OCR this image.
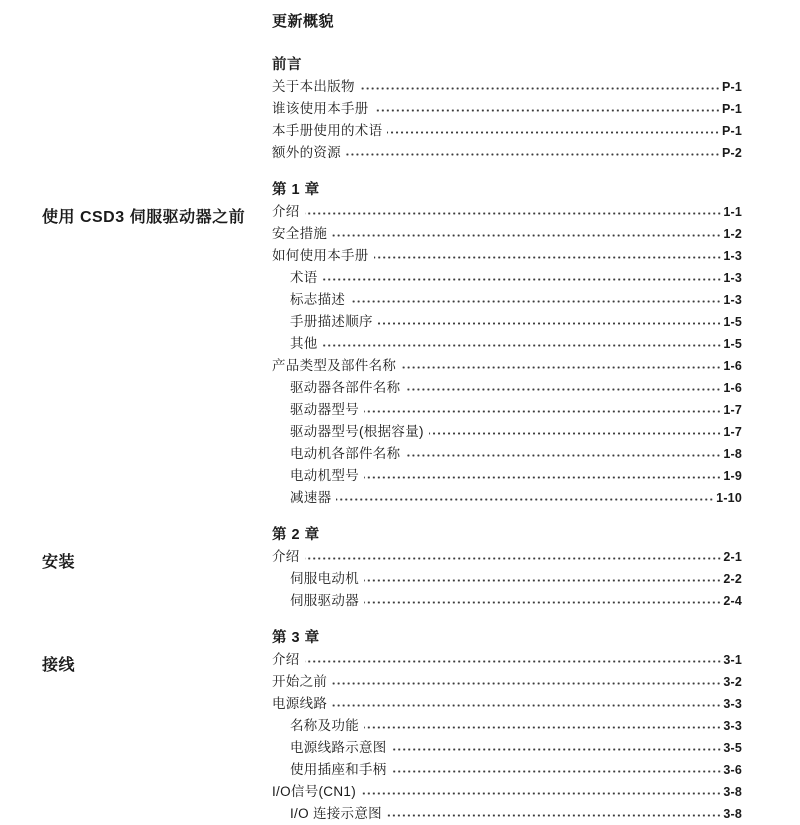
更新概貌
前言
关于本出版物	P-1
谁该使用本手册	P-1
本手册使用的术语	P-1
额外的资源	P-2
使用 CSD3 伺服驱动器之前
第 1 章
介绍	1-1
安全措施	1-2
如何使用本手册	1-3
术语	1-3
标志描述	1-3
手册描述顺序	1-5
其他	1-5
产品类型及部件名称	1-6
驱动器各部件名称	1-6
驱动器型号	1-7
驱动器型号(根据容量)	1-7
电动机各部件名称	1-8
电动机型号	1-9
减速器	1-10
安装
第 2 章
介绍	2-1
伺服电动机	2-2
伺服驱动器	2-4
接线
第 3 章
介绍	3-1
开始之前	3-2
电源线路	3-3
名称及功能	3-3
电源线路示意图	3-5
使用插座和手柄	3-6
I/O信号(CN1)	3-8
I/O 连接示意图	3-8
